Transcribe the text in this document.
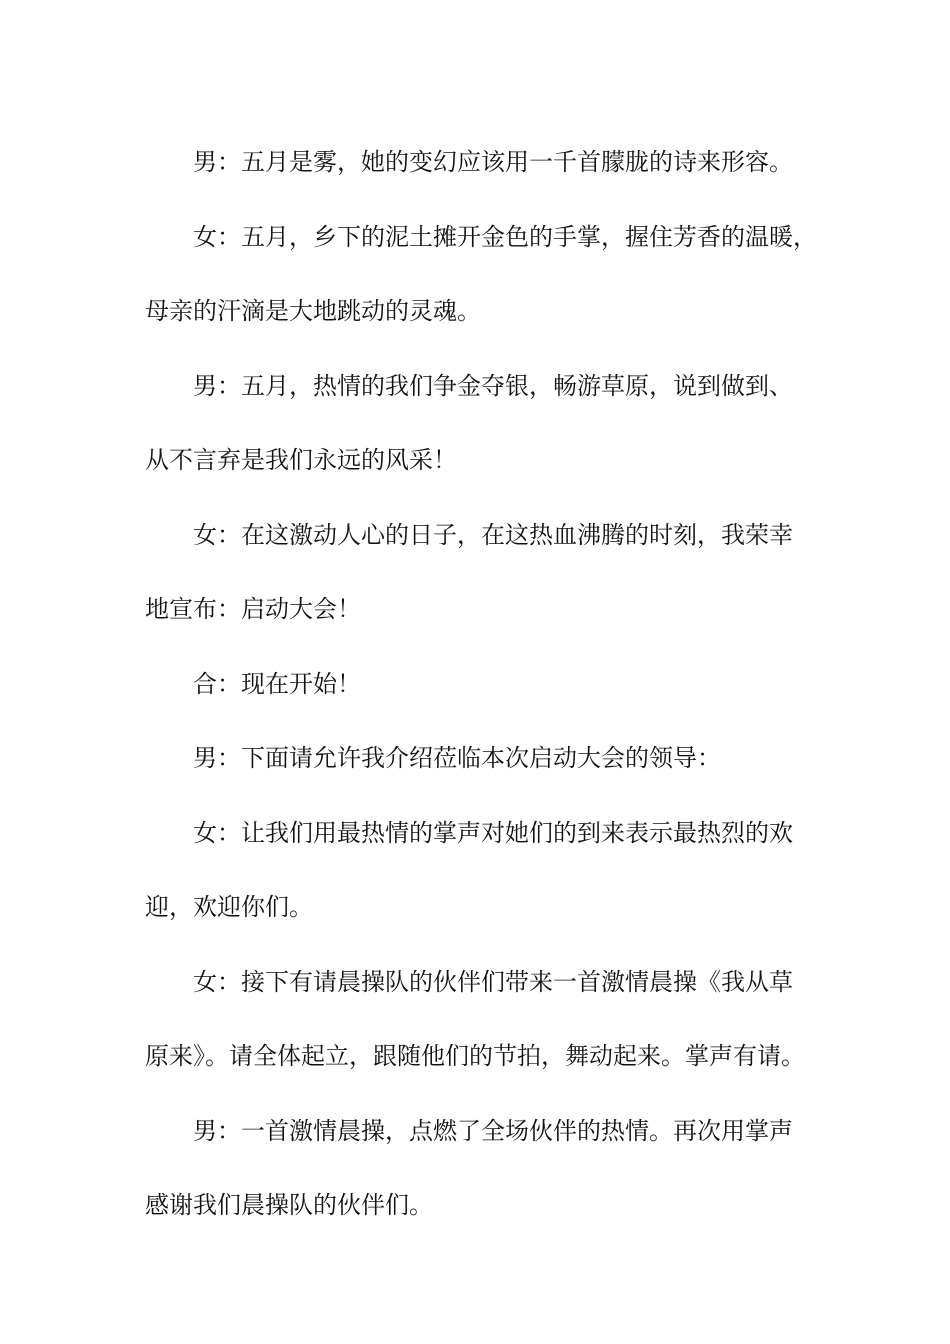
男：五月是雾，她的变幻应该用一千首朦胧的诗来形容。
女：五月，乡下的泥土摊开金色的手掌，握住芳香的温暖，
母亲的汗滴是大地跳动的灵魂。
男：五月，热情的我们争金夺银，畅游草原，说到做到、
从不言弃是我们永远的风采！
女：在这激动人心的日子，在这热血沸腾的时刻，我荣幸
地宣布：启动大会！
合：现在开始！
男：下面请允许我介绍莅临本次启动大会的领导：
女：让我们用最热情的掌声对她们的到来表示最热烈的欢
迎，欢迎你们。
女：接下有请晨操队的伙伴们带来一首激情晨操《我从草
原来》。请全体起立，跟随他们的节拍，舞动起来。掌声有请。
男：一首激情晨操，点燃了全场伙伴的热情。再次用掌声
感谢我们晨操队的伙伴们。
